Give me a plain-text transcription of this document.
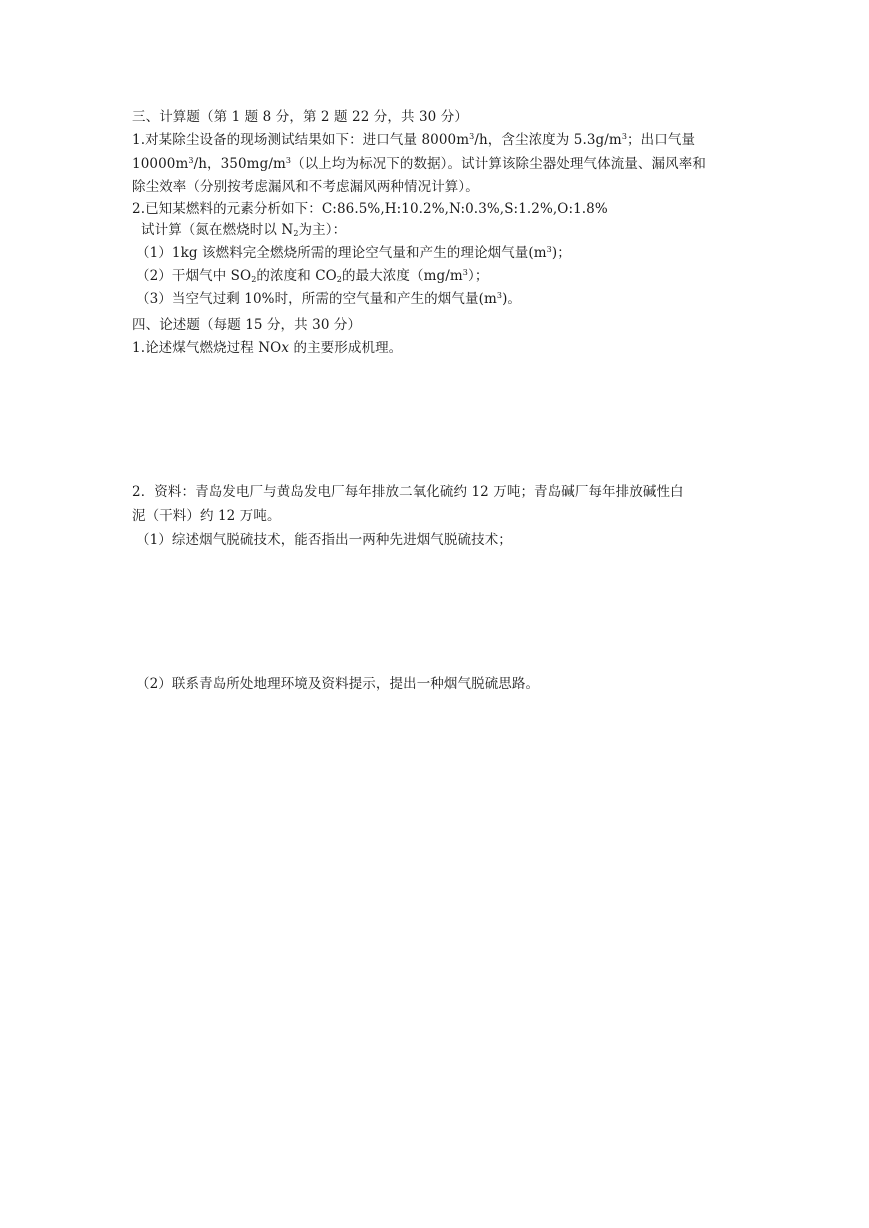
三、计算题（第 1 题 8 分，第 2 题 22 分，共 30 分）
1.对某除尘设备的现场测试结果如下：进口气量 $8000m^3/h$，含尘浓度为 $5.3g/m^3$；出口气量
$10000m^3/h$，$350mg/m^3$（以上均为标况下的数据）。试计算该除尘器处理气体流量、漏风率和
除尘效率（分别按考虑漏风和不考虑漏风两种情况计算）。
2.已知某燃料的元素分析如下：C:86.5%,H:10.2%,N:0.3%,S:1.2%,O:1.8%
试计算（氮在燃烧时以 $N_2$为主）：
（1）1kg 该燃料完全燃烧所需的理论空气量和产生的理论烟气量$(m^3)$；
（2）干烟气中 $SO_2$的浓度和 $CO_2$的最大浓度$(mg/m^3)$；
（3）当空气过剩 10%时，所需的空气量和产生的烟气量$(m^3)$。
四、论述题（每题 15 分，共 30 分）
1.论述煤气燃烧过程 NOx 的主要形成机理。
2．资料：青岛发电厂与黄岛发电厂每年排放二氧化硫约 12 万吨；青岛碱厂每年排放碱性白
泥（干料）约 12 万吨。
（1）综述烟气脱硫技术，能否指出一两种先进烟气脱硫技术；
（2）联系青岛所处地理环境及资料提示，提出一种烟气脱硫思路。
